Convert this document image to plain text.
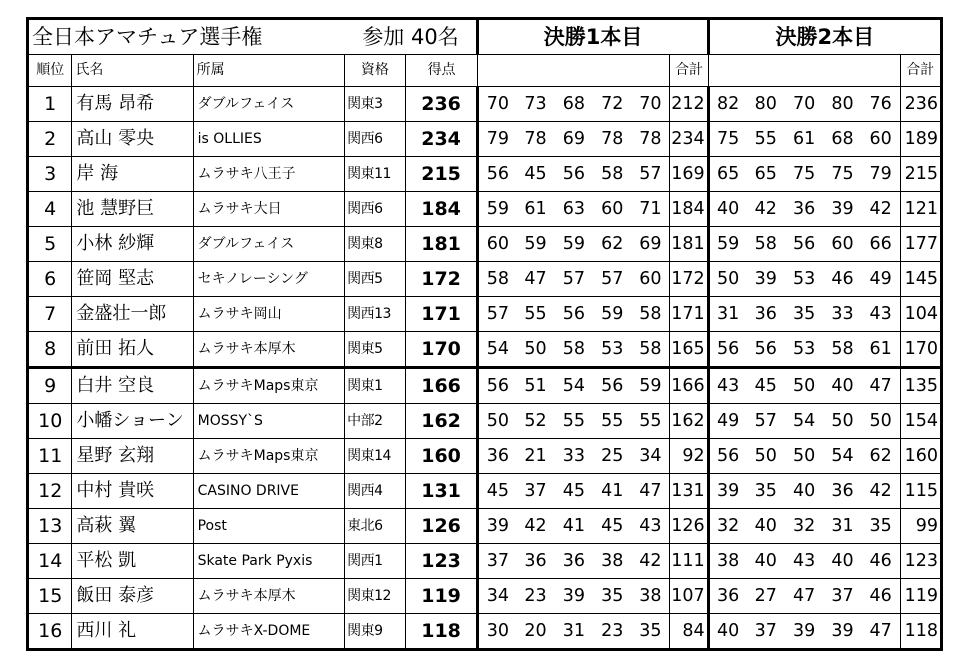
全日本アマチュア選手権			参加 40名		決勝1本目						決勝2本目					
順位	氏名	所属	資格	得点						合計						合計
1	有馬 昂希	ダブルフェイス	関東3	236	70	73	68	72	70	212	82	80	70	80	76	236
2	高山 零央	is OLLIES	関西6	234	79	78	69	78	78	234	75	55	61	68	60	189
3	岸 海	ムラサキ八王子	関東11	215	56	45	56	58	57	169	65	65	75	75	79	215
4	池 慧野巨	ムラサキ大日	関西6	184	59	61	63	60	71	184	40	42	36	39	42	121
5	小林 紗輝	ダブルフェイス	関東8	181	60	59	59	62	69	181	59	58	56	60	66	177
6	笹岡 堅志	セキノレーシング	関西5	172	58	47	57	57	60	172	50	39	53	46	49	145
7	金盛壮一郎	ムラサキ岡山	関西13	171	57	55	56	59	58	171	31	36	35	33	43	104
8	前田 拓人	ムラサキ本厚木	関東5	170	54	50	58	53	58	165	56	56	53	58	61	170
9	白井 空良	ムラサキMaps東京	関東1	166	56	51	54	56	59	166	43	45	50	40	47	135
10	小幡ショーン	MOSSY`S	中部2	162	50	52	55	55	55	162	49	57	54	50	50	154
11	星野 玄翔	ムラサキMaps東京	関東14	160	36	21	33	25	34	92	56	50	50	54	62	160
12	中村 貴咲	CASINO DRIVE	関西4	131	45	37	45	41	47	131	39	35	40	36	42	115
13	高萩 翼	Post	東北6	126	39	42	41	45	43	126	32	40	32	31	35	99
14	平松 凱	Skate Park Pyxis	関西1	123	37	36	36	38	42	111	38	40	43	40	46	123
15	飯田 泰彦	ムラサキ本厚木	関東12	119	34	23	39	35	38	107	36	27	47	37	46	119
16	西川 礼	ムラサキX-DOME	関東9	118	30	20	31	23	35	84	40	37	39	39	47	118
